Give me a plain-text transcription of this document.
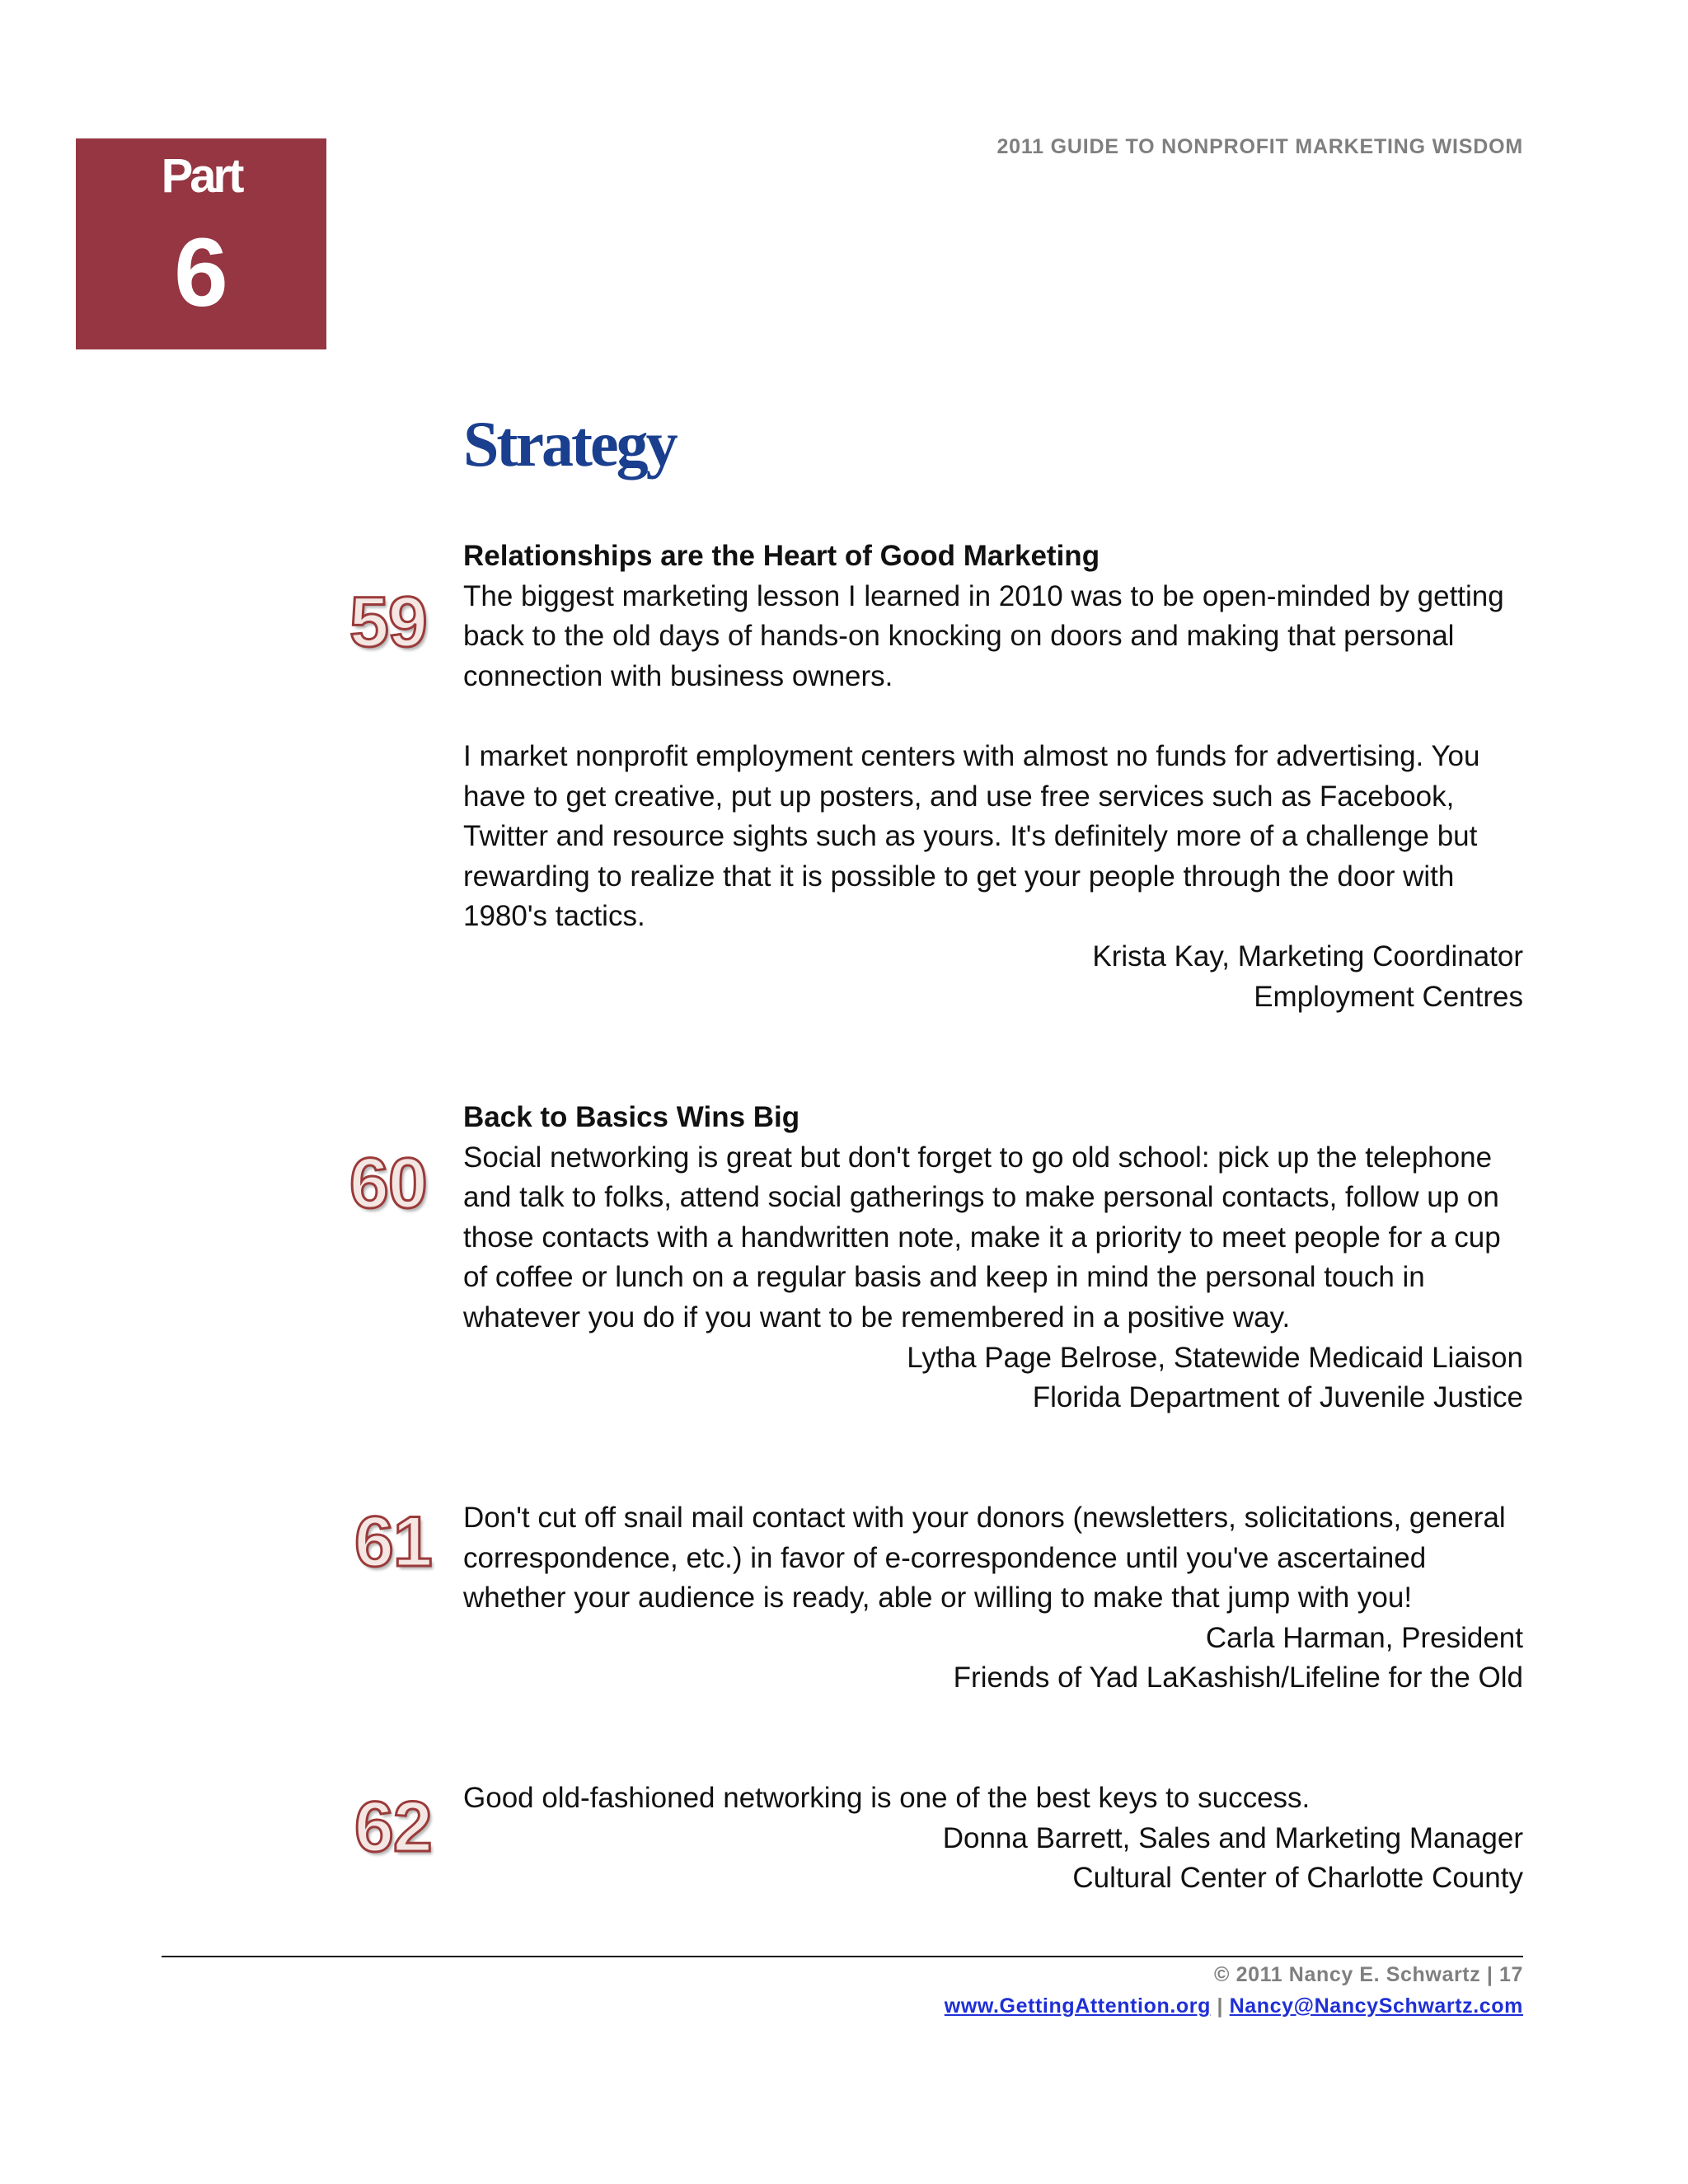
2011 GUIDE TO NONPROFIT MARKETING WISDOM
Part
6
Strategy
59
Relationships are the Heart of Good Marketing

The biggest marketing lesson I learned in 2010 was to be open-minded by getting back to the old days of hands-on knocking on doors and making that personal connection with business owners.

I market nonprofit employment centers with almost no funds for advertising. You have to get creative, put up posters, and use free services such as Facebook, Twitter and resource sights such as yours. It's definitely more of a challenge but rewarding to realize that it is possible to get your people through the door with 1980's tactics.

Krista Kay, Marketing Coordinator
Employment Centres
60
Back to Basics Wins Big

Social networking is great but don't forget to go old school: pick up the telephone and talk to folks, attend social gatherings to make personal contacts, follow up on those contacts with a handwritten note, make it a priority to meet people for a cup of coffee or lunch on a regular basis and keep in mind the personal touch in whatever you do if you want to be remembered in a positive way.

Lytha Page Belrose, Statewide Medicaid Liaison
Florida Department of Juvenile Justice
61 Don't cut off snail mail contact with your donors (newsletters, solicitations, general correspondence, etc.) in favor of e-correspondence until you've ascertained whether your audience is ready, able or willing to make that jump with you!

Carla Harman, President
Friends of Yad LaKashish/Lifeline for the Old
62 Good old-fashioned networking is one of the best keys to success.

Donna Barrett, Sales and Marketing Manager
Cultural Center of Charlotte County
© 2011 Nancy E. Schwartz | 17
www.GettingAttention.org | Nancy@NancySchwartz.com
